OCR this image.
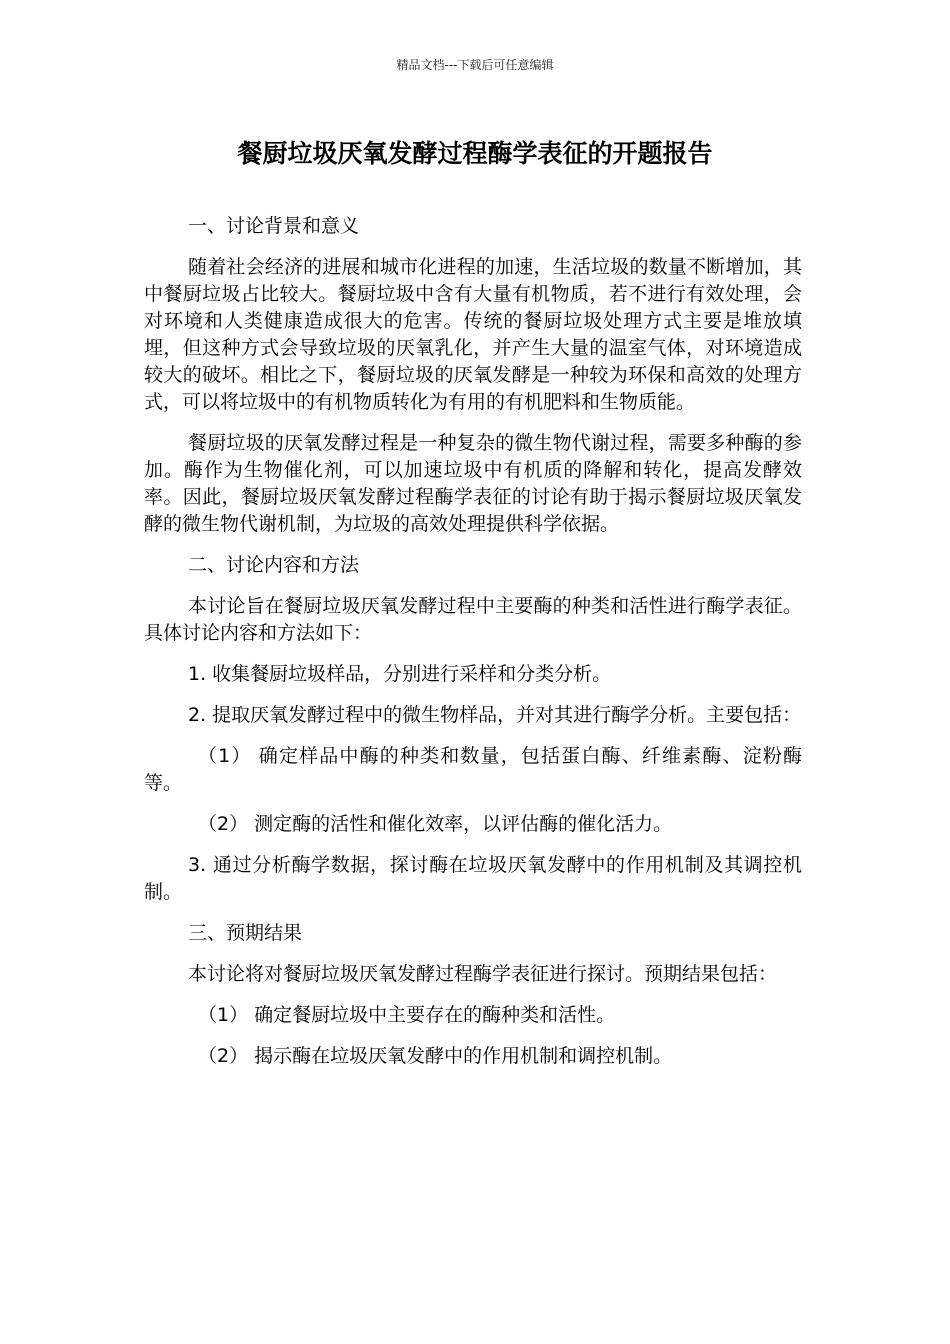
精品文档---下载后可任意编辑
餐厨垃圾厌氧发酵过程酶学表征的开题报告

一、讨论背景和意义

随着社会经济的进展和城市化进程的加速，生活垃圾的数量不断增加，其中餐厨垃圾占比较大。餐厨垃圾中含有大量有机物质，若不进行有效处理，会对环境和人类健康造成很大的危害。传统的餐厨垃圾处理方式主要是堆放填埋，但这种方式会导致垃圾的厌氧乳化，并产生大量的温室气体，对环境造成较大的破坏。相比之下，餐厨垃圾的厌氧发酵是一种较为环保和高效的处理方式，可以将垃圾中的有机物质转化为有用的有机肥料和生物质能。

餐厨垃圾的厌氧发酵过程是一种复杂的微生物代谢过程，需要多种酶的参加。酶作为生物催化剂，可以加速垃圾中有机质的降解和转化，提高发酵效率。因此，餐厨垃圾厌氧发酵过程酶学表征的讨论有助于揭示餐厨垃圾厌氧发酵的微生物代谢机制，为垃圾的高效处理提供科学依据。

二、讨论内容和方法

本讨论旨在餐厨垃圾厌氧发酵过程中主要酶的种类和活性进行酶学表征。具体讨论内容和方法如下：

1. 收集餐厨垃圾样品，分别进行采样和分类分析。

2. 提取厌氧发酵过程中的微生物样品，并对其进行酶学分析。主要包括：

（1） 确定样品中酶的种类和数量，包括蛋白酶、纤维素酶、淀粉酶等。

（2） 测定酶的活性和催化效率，以评估酶的催化活力。

3. 通过分析酶学数据，探讨酶在垃圾厌氧发酵中的作用机制及其调控机制。

三、预期结果

本讨论将对餐厨垃圾厌氧发酵过程酶学表征进行探讨。预期结果包括：

（1） 确定餐厨垃圾中主要存在的酶种类和活性。

（2） 揭示酶在垃圾厌氧发酵中的作用机制和调控机制。
